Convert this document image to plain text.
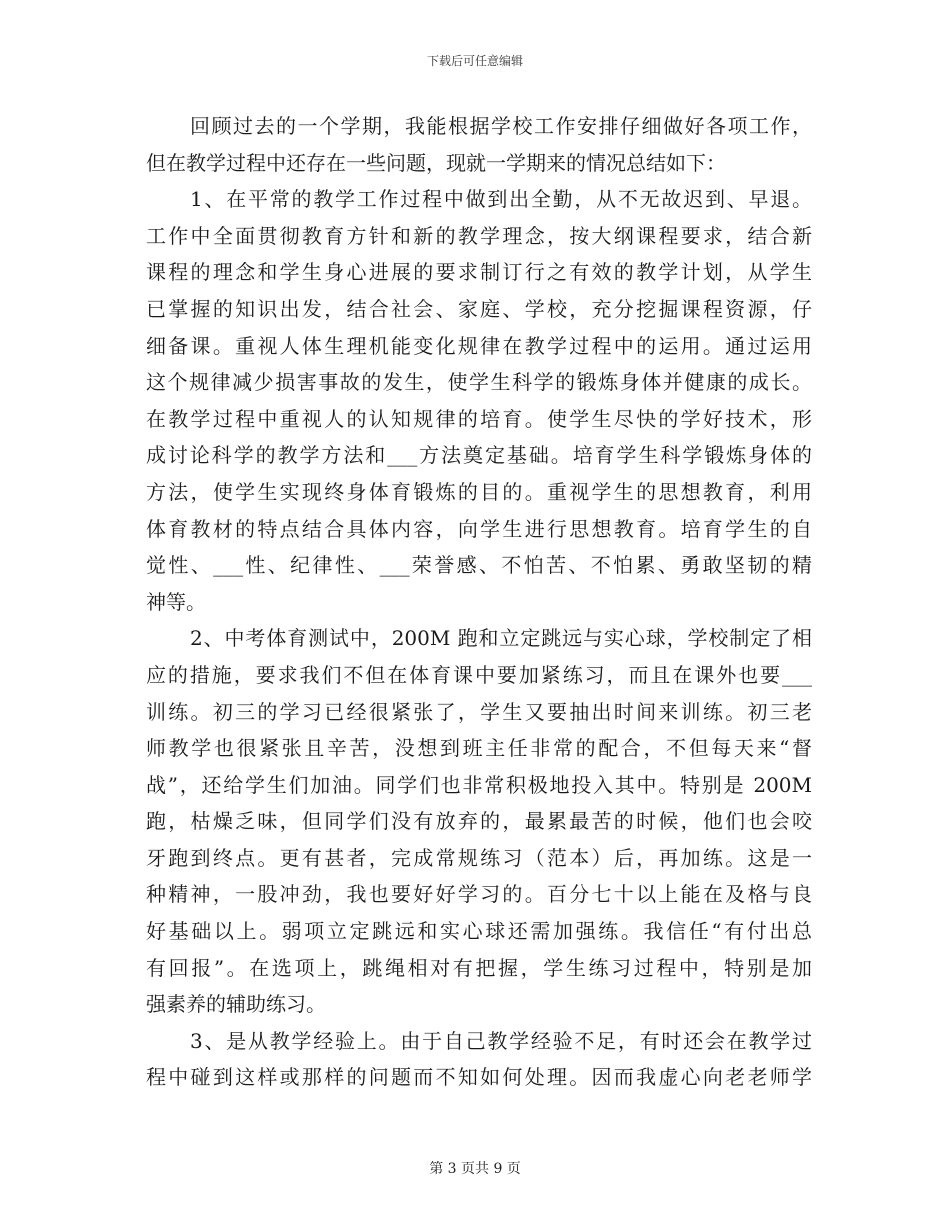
下载后可任意编辑
回顾过去的一个学期，我能根据学校工作安排仔细做好各项工作，
但在教学过程中还存在一些问题，现就一学期来的情况总结如下：
1、在平常的教学工作过程中做到出全勤，从不无故迟到、早退。
工作中全面贯彻教育方针和新的教学理念，按大纲课程要求，结合新
课程的理念和学生身心进展的要求制订行之有效的教学计划，从学生
已掌握的知识出发，结合社会、家庭、学校，充分挖掘课程资源，仔
细备课。重视人体生理机能变化规律在教学过程中的运用。通过运用
这个规律减少损害事故的发生，使学生科学的锻炼身体并健康的成长。
在教学过程中重视人的认知规律的培育。使学生尽快的学好技术，形
成讨论科学的教学方法和___方法奠定基础。培育学生科学锻炼身体的
方法，使学生实现终身体育锻炼的目的。重视学生的思想教育，利用
体育教材的特点结合具体内容，向学生进行思想教育。培育学生的自
觉性、___性、纪律性、___荣誉感、不怕苦、不怕累、勇敢坚韧的精
神等。
2、中考体育测试中，200M 跑和立定跳远与实心球，学校制定了相
应的措施，要求我们不但在体育课中要加紧练习，而且在课外也要___
训练。初三的学习已经很紧张了，学生又要抽出时间来训练。初三老
师教学也很紧张且辛苦，没想到班主任非常的配合，不但每天来“督
战”，还给学生们加油。同学们也非常积极地投入其中。特别是 200M
跑，枯燥乏味，但同学们没有放弃的，最累最苦的时候，他们也会咬
牙跑到终点。更有甚者，完成常规练习（范本）后，再加练。这是一
种精神，一股冲劲，我也要好好学习的。百分七十以上能在及格与良
好基础以上。弱项立定跳远和实心球还需加强练。我信任“有付出总
有回报”。在选项上，跳绳相对有把握，学生练习过程中，特别是加
强素养的辅助练习。
3、是从教学经验上。由于自己教学经验不足，有时还会在教学过
程中碰到这样或那样的问题而不知如何处理。因而我虚心向老老师学
第 3 页共 9 页
